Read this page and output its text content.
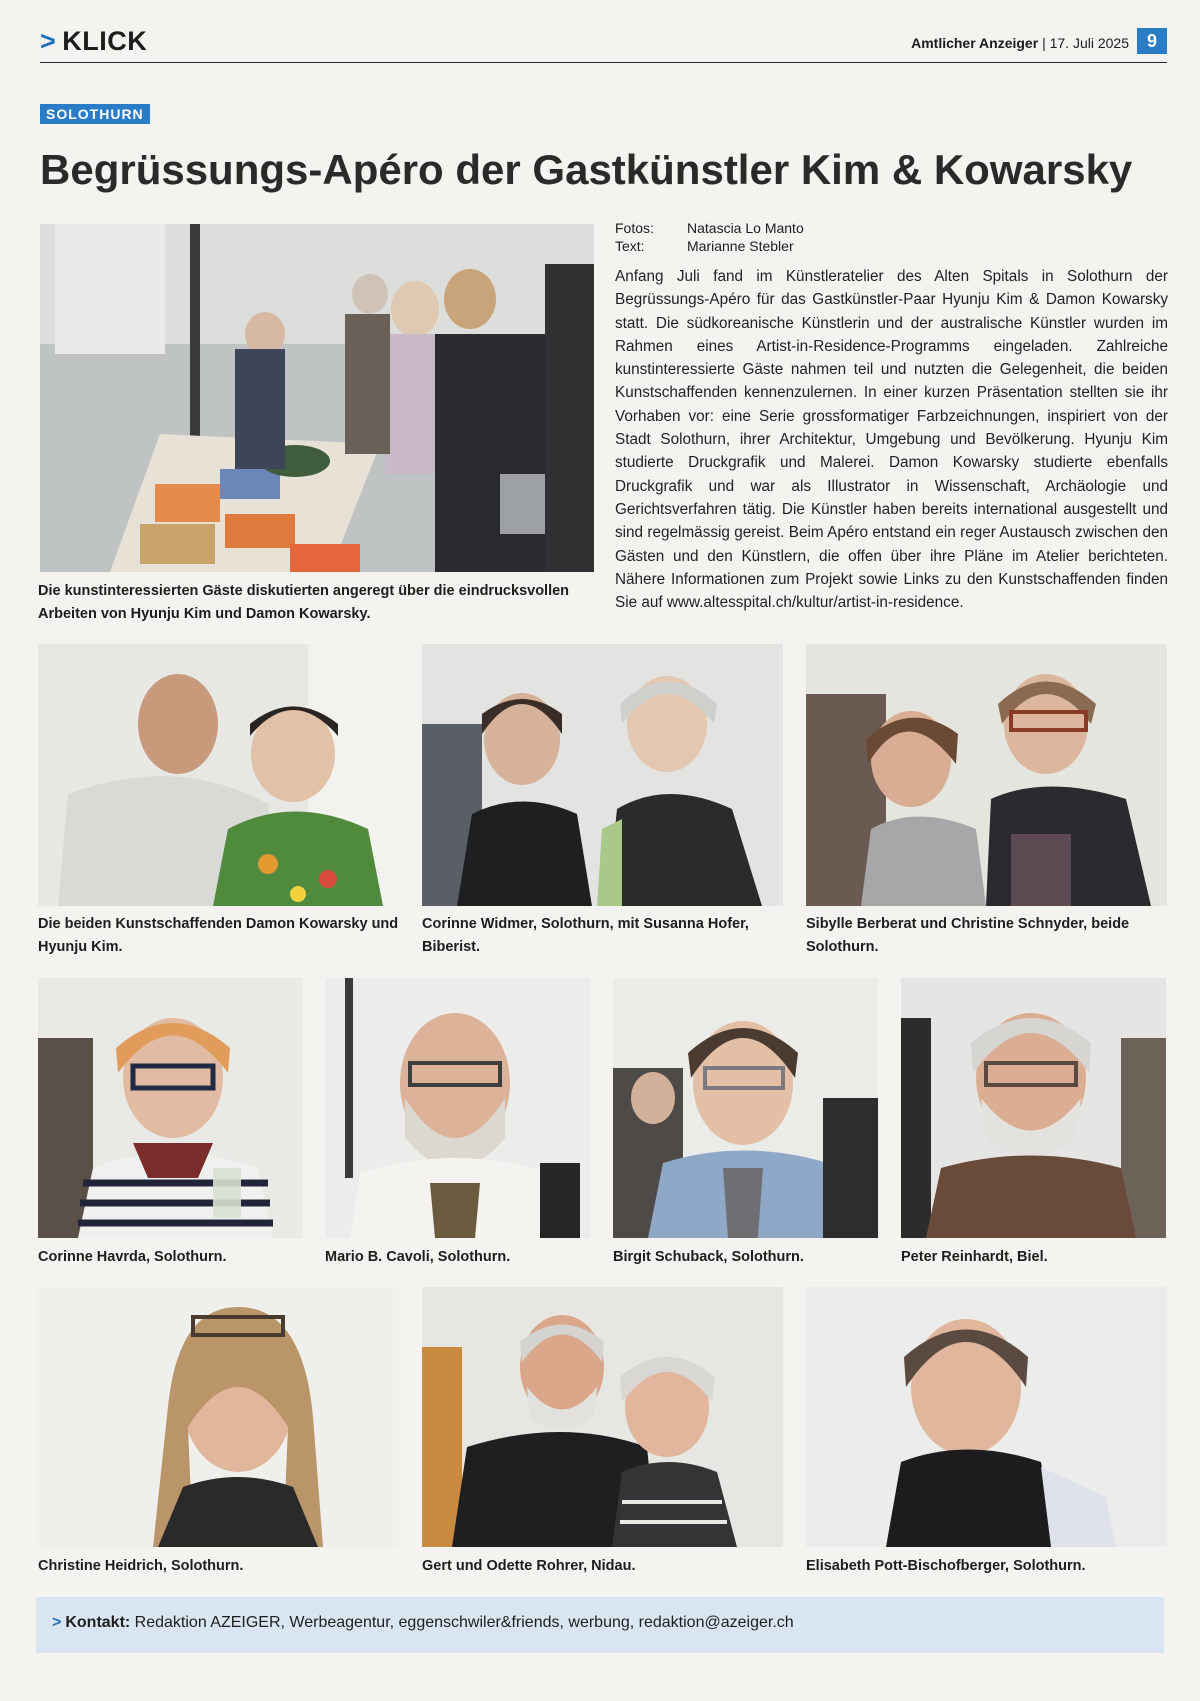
> KLICK	Amtlicher Anzeiger | 17. Juli 2025 9
SOLOTHURN
Begrüssungs-Apéro der Gastkünstler Kim & Kowarsky
Die kunstinteressierten Gäste diskutierten angeregt über die eindrucksvollen Arbeiten von Hyunju Kim und Damon Kowarsky.
Fotos:	Natascia Lo Manto
Text:	Marianne Stebler
Anfang Juli fand im Künstleratelier des Alten Spitals in Solothurn der Begrüssungs-Apéro für das Gastkünstler-Paar Hyunju Kim & Damon Kowarsky statt. Die südkoreanische Künstlerin und der australische Künstler wurden im Rahmen eines Artist-in-Residence-Programms eingeladen. Zahlreiche kunstinteressierte Gäste nahmen teil und nutzten die Gelegenheit, die beiden Kunstschaffenden kennenzulernen. In einer kurzen Präsentation stellten sie ihr Vorhaben vor: eine Serie grossformatiger Farbzeichnungen, inspiriert von der Stadt Solothurn, ihrer Architektur, Umgebung und Bevölkerung. Hyunju Kim studierte Druckgrafik und Malerei. Damon Kowarsky studierte ebenfalls Druckgrafik und war als Illustrator in Wissenschaft, Archäologie und Gerichtsverfahren tätig. Die Künstler haben bereits international ausgestellt und sind regelmässig gereist. Beim Apéro entstand ein reger Austausch zwischen den Gästen und den Künstlern, die offen über ihre Pläne im Atelier berichteten. Nähere Informationen zum Projekt sowie Links zu den Kunstschaffenden finden Sie auf www.altesspital.ch/kultur/artist-in-residence.
Die beiden Kunstschaffenden Damon Kowarsky und Hyunju Kim.
Corinne Widmer, Solothurn, mit Susanna Hofer, Biberist.
Sibylle Berberat und Christine Schnyder, beide Solothurn.
Corinne Havrda, Solothurn.	Mario B. Cavoli, Solothurn.	Birgit Schuback, Solothurn.	Peter Reinhardt, Biel.
Christine Heidrich, Solothurn.	Gert und Odette Rohrer, Nidau.	Elisabeth Pott-Bischofberger, Solothurn.
> Kontakt: Redaktion AZEIGER, Werbeagentur, eggenschwiler&friends, werbung, redaktion@azeiger.ch
